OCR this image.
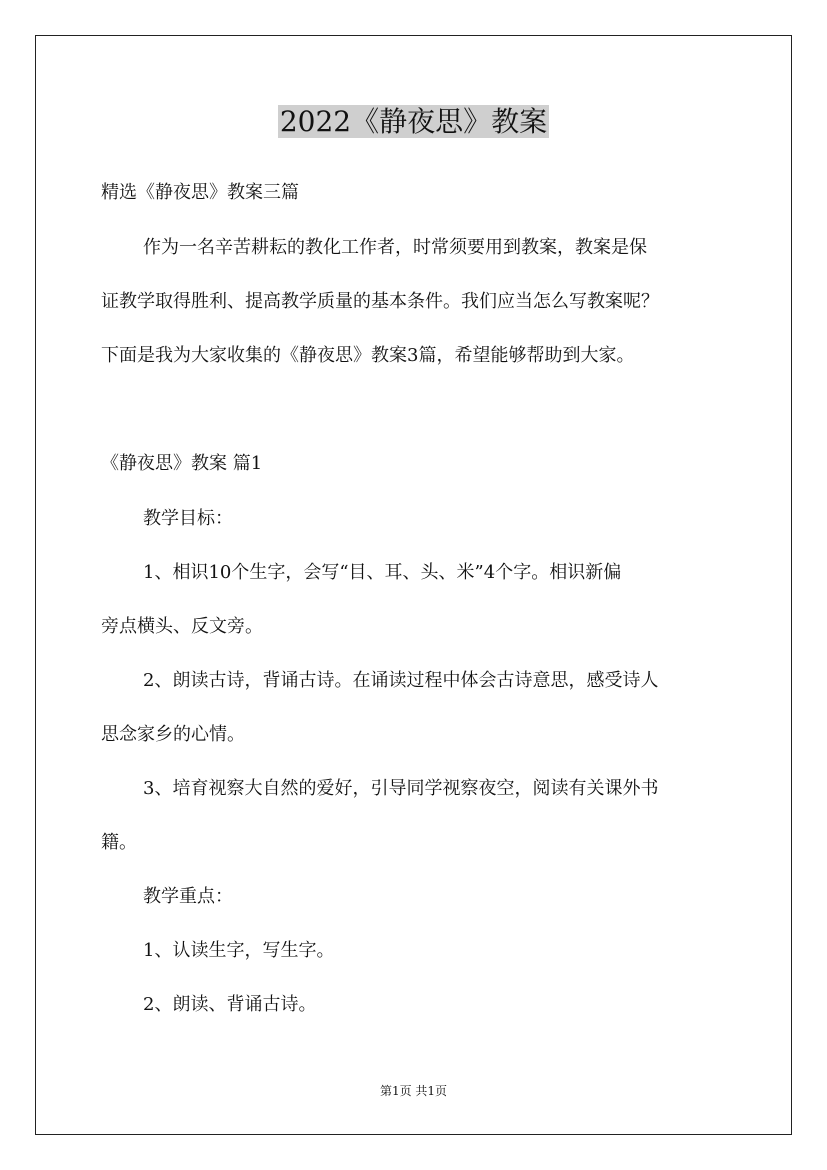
2022《静夜思》教案
精选《静夜思》教案三篇
作为一名辛苦耕耘的教化工作者，时常须要用到教案，教案是保
证教学取得胜利、提高教学质量的基本条件。我们应当怎么写教案呢？
下面是我为大家收集的《静夜思》教案3篇，希望能够帮助到大家。
《静夜思》教案 篇1
教学目标：
1、相识10个生字，会写“目、耳、头、米”4个字。相识新偏
旁点横头、反文旁。
2、朗读古诗，背诵古诗。在诵读过程中体会古诗意思，感受诗人
思念家乡的心情。
3、培育视察大自然的爱好，引导同学视察夜空，阅读有关课外书
籍。
教学重点：
1、认读生字，写生字。
2、朗读、背诵古诗。
第1页 共1页
